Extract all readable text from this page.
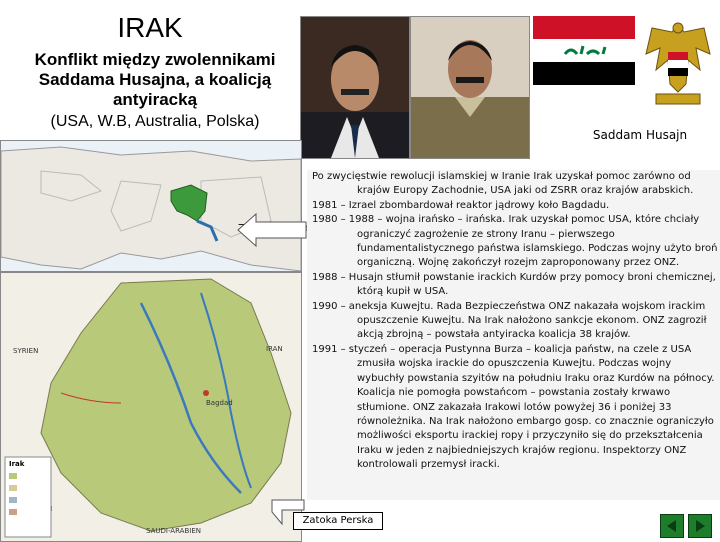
IRAK
Konflikt między zwolennikami Saddama Husajna, a koalicją antyiracką
(USA, W.B, Australia, Polska)
Saddam Husajn
Bagdad
SYRIEN	IRAN
SAUDI-ARABIEN
Irak

Po zwycięstwie rewolucji islamskiej w Iranie Irak uzyskał pomoc zarówno od krajów Europy Zachodnie, USA jaki od ZSRR oraz krajów arabskich.

1981 – Izrael zbombardował reaktor jądrowy koło Bagdadu.

1980 – 1988 – wojna irańsko – irańska. Irak uzyskał pomoc USA, które chciały ograniczyć zagrożenie ze strony Iranu – pierwszego fundamentalistycznego państwa islamskiego. Podczas wojny użyto broń organiczną. Wojnę zakończył rozejm zaproponowany przez ONZ.

1988 – Husajn stłumił powstanie irackich Kurdów przy pomocy broni chemicznej, którą kupił w USA.

1990 – aneksja Kuwejtu. Rada Bezpieczeństwa ONZ nakazała wojskom irackim opuszczenie Kuwejtu. Na Irak nałożono sankcje ekonom. ONZ zagroził akcją zbrojną – powstała antyiracka koalicja 38 krajów.

1991 – styczeń – operacja Pustynna Burza – koalicja państw, na czele z USA zmusiła wojska irackie do opuszczenia Kuwejtu. Podczas wojny wybuchły powstania szyitów na południu Iraku oraz Kurdów na północy. Koalicja nie pomogła powstańcom – powstania zostały krwawo stłumione. ONZ zakazała Irakowi lotów powyżej 36 i poniżej 33 równoleżnika. Na Irak nałożono embargo gosp. co znacznie ograniczyło możliwości eksportu irackiej ropy i przyczyniło się do przekształcenia Iraku w jeden z najbiedniejszych krajów regionu. Inspektorzy ONZ kontrolowali przemysł iracki.

Zatoka Perska
